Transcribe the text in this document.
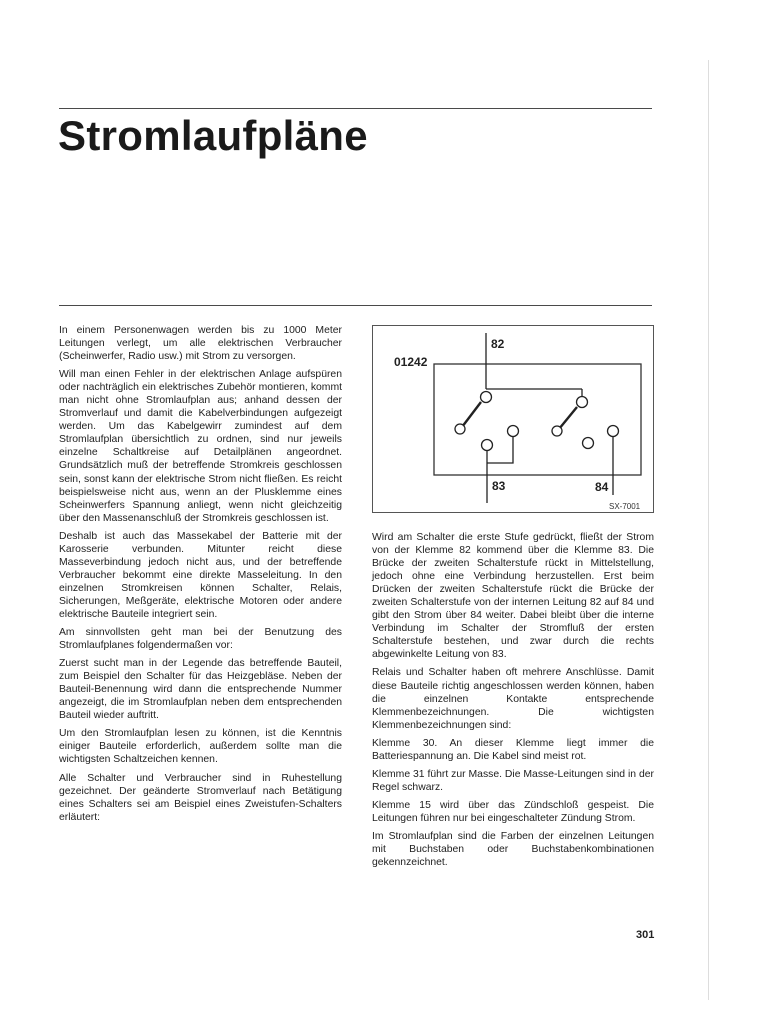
Stromlaufpläne

In einem Personenwagen werden bis zu 1000 Meter Leitungen verlegt, um alle elektrischen Verbraucher (Scheinwerfer, Radio usw.) mit Strom zu versorgen.

Will man einen Fehler in der elektrischen Anlage aufspüren oder nachträglich ein elektrisches Zubehör montieren, kommt man nicht ohne Stromlaufplan aus; anhand dessen der Stromverlauf und damit die Kabelverbindungen aufgezeigt werden. Um das Kabelgewirr zumindest auf dem Stromlaufplan übersichtlich zu ordnen, sind nur jeweils einzelne Schaltkreise auf Detailplänen angeordnet. Grundsätzlich muß der betreffende Stromkreis geschlossen sein, sonst kann der elektrische Strom nicht fließen. Es reicht beispielsweise nicht aus, wenn an der Plusklemme eines Scheinwerfers Spannung anliegt, wenn nicht gleichzeitig über den Massenanschluß der Stromkreis geschlossen ist.

Deshalb ist auch das Massekabel der Batterie mit der Karosserie verbunden. Mitunter reicht diese Masseverbindung jedoch nicht aus, und der betreffende Verbraucher bekommt eine direkte Masseleitung. In den einzelnen Stromkreisen können Schalter, Relais, Sicherungen, Meßgeräte, elektrische Motoren oder andere elektrische Bauteile integriert sein.

Am sinnvollsten geht man bei der Benutzung des Stromlaufplanes folgendermaßen vor:

Zuerst sucht man in der Legende das betreffende Bauteil, zum Beispiel den Schalter für das Heizgebläse. Neben der Bauteil-Benennung wird dann die entsprechende Nummer angezeigt, die im Stromlaufplan neben dem entsprechenden Bauteil wieder auftritt.

Um den Stromlaufplan lesen zu können, ist die Kenntnis einiger Bauteile erforderlich, außerdem sollte man die wichtigsten Schaltzeichen kennen.

Alle Schalter und Verbraucher sind in Ruhestellung gezeichnet. Der geänderte Stromverlauf nach Betätigung eines Schalters sei am Beispiel eines Zweistufen-Schalters erläutert:

01242
82
83	84
SX-7001

Wird am Schalter die erste Stufe gedrückt, fließt der Strom von der Klemme 82 kommend über die Klemme 83. Die Brücke der zweiten Schalterstufe rückt in Mittelstellung, jedoch ohne eine Verbindung herzustellen. Erst beim Drücken der zweiten Schalterstufe rückt die Brücke der zweiten Schalterstufe von der internen Leitung 82 auf 84 und gibt den Strom über 84 weiter. Dabei bleibt über die interne Verbindung im Schalter der Stromfluß der ersten Schalterstufe bestehen, und zwar durch die rechts abgewinkelte Leitung von 83.

Relais und Schalter haben oft mehrere Anschlüsse. Damit diese Bauteile richtig angeschlossen werden können, haben die einzelnen Kontakte entsprechende Klemmenbezeichnungen. Die wichtigsten Klemmenbezeichnungen sind:

Klemme 30. An dieser Klemme liegt immer die Batteriespannung an. Die Kabel sind meist rot.

Klemme 31 führt zur Masse. Die Masse-Leitungen sind in der Regel schwarz.

Klemme 15 wird über das Zündschloß gespeist. Die Leitungen führen nur bei eingeschalteter Zündung Strom.

Im Stromlaufplan sind die Farben der einzelnen Leitungen mit Buchstaben oder Buchstabenkombinationen gekennzeichnet.

301
